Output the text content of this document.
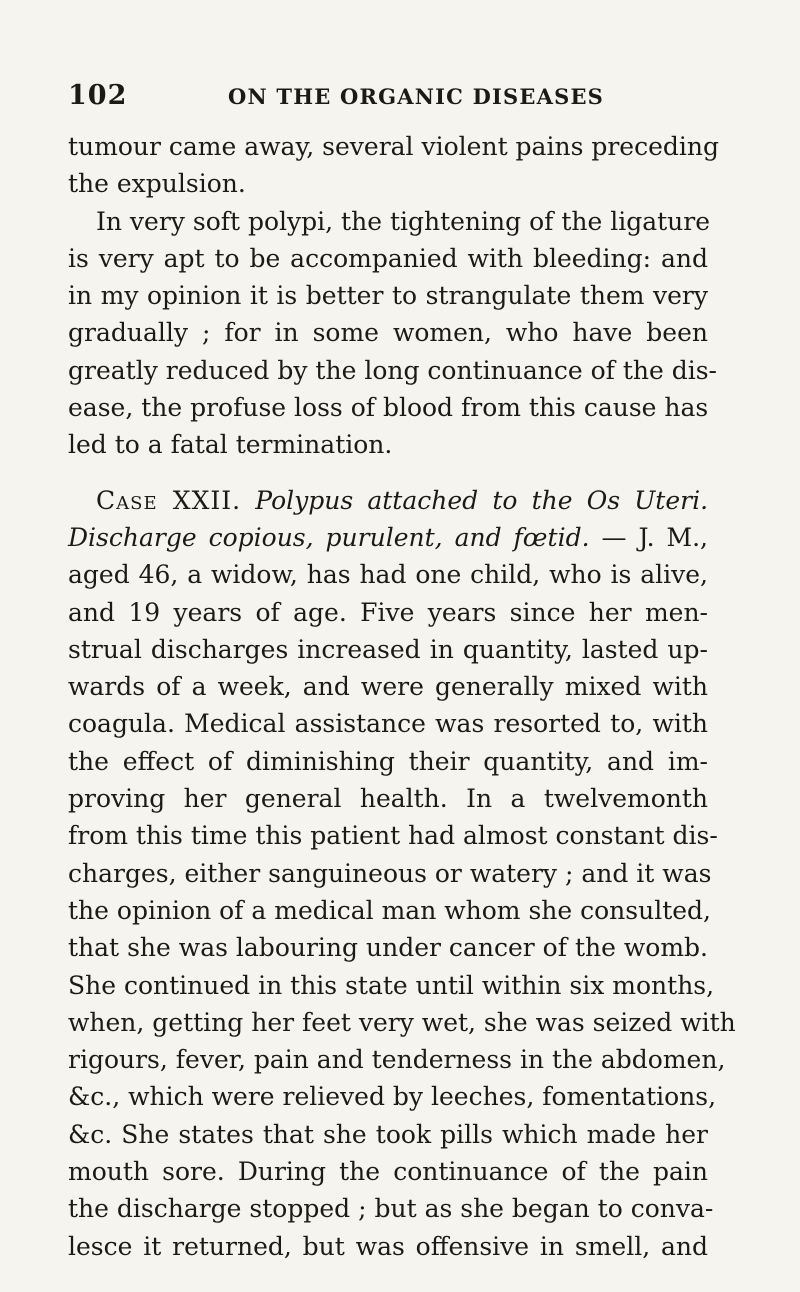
102	ON THE ORGANIC DISEASES
tumour came away, several violent pains preceding
the expulsion.
In very soft polypi, the tightening of the ligature
is very apt to be accompanied with bleeding: and
in my opinion it is better to strangulate them very
gradually ; for in some women, who have been
greatly reduced by the long continuance of the dis-
ease, the profuse loss of blood from this cause has
led to a fatal termination.
Case XXII. Polypus attached to the Os Uteri.
Discharge copious, purulent, and fœtid. — J. M.,
aged 46, a widow, has had one child, who is alive,
and 19 years of age. Five years since her men-
strual discharges increased in quantity, lasted up-
wards of a week, and were generally mixed with
coagula. Medical assistance was resorted to, with
the effect of diminishing their quantity, and im-
proving her general health. In a twelvemonth
from this time this patient had almost constant dis-
charges, either sanguineous or watery ; and it was
the opinion of a medical man whom she consulted,
that she was labouring under cancer of the womb.
She continued in this state until within six months,
when, getting her feet very wet, she was seized with
rigours, fever, pain and tenderness in the abdomen,
&c., which were relieved by leeches, fomentations,
&c. She states that she took pills which made her
mouth sore. During the continuance of the pain
the discharge stopped ; but as she began to conva-
lesce it returned, but was offensive in smell, and
